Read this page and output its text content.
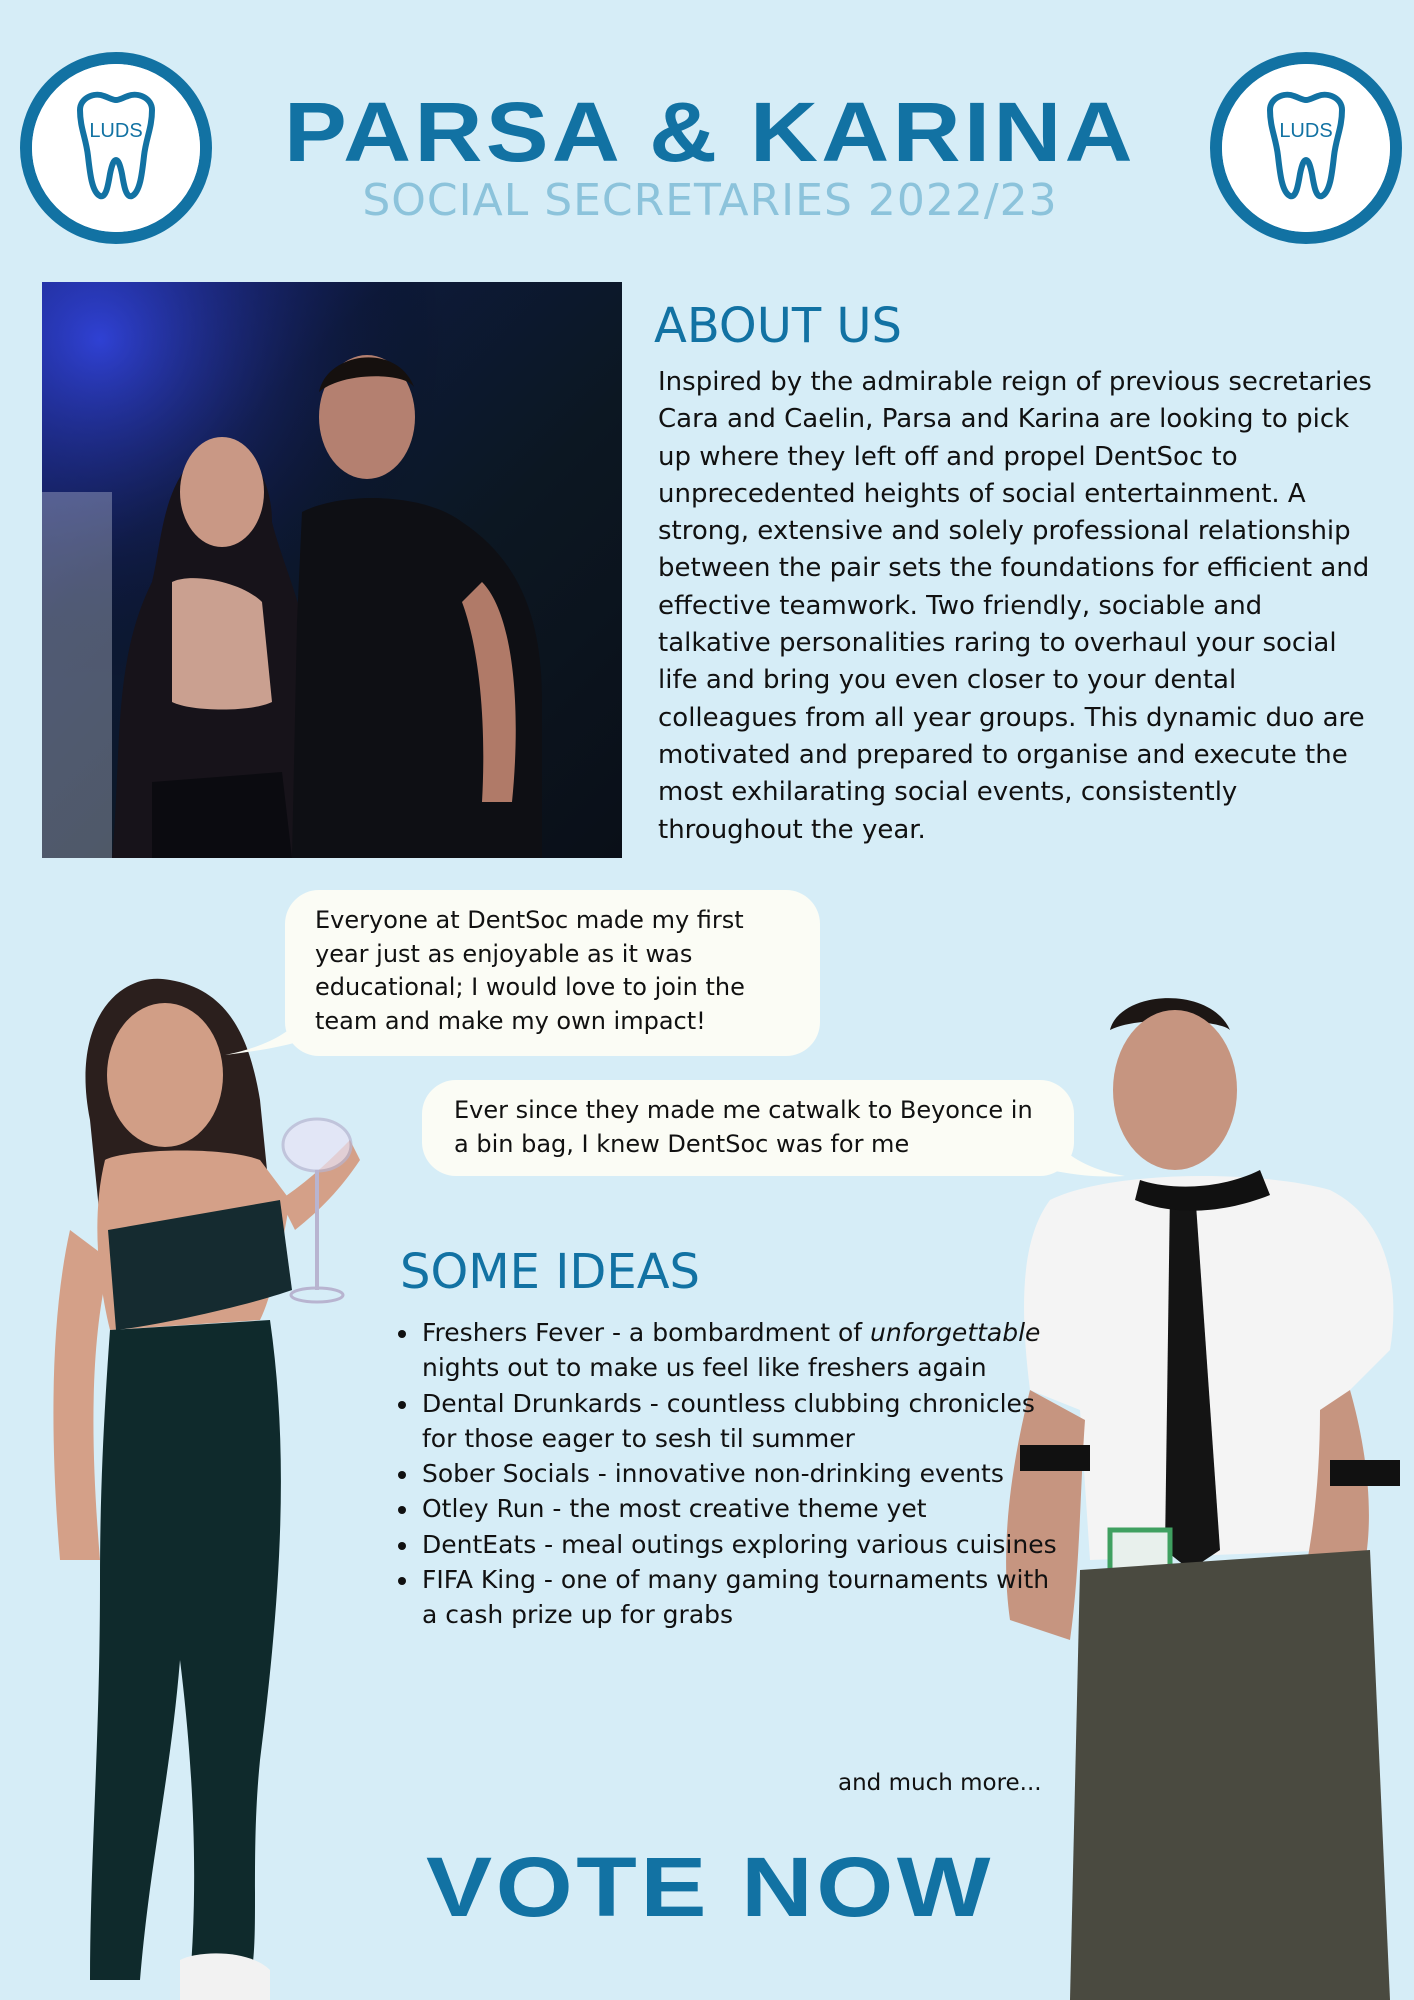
LUDS	LUDS
PARSA & KARINA
SOCIAL SECRETARIES 2022/23
ABOUT US
Inspired by the admirable reign of previous secretaries Cara and Caelin, Parsa and Karina are looking to pick up where they left off and propel DentSoc to unprecedented heights of social entertainment. A strong, extensive and solely professional relationship between the pair sets the foundations for efficient and effective teamwork. Two friendly, sociable and talkative personalities raring to overhaul your social life and bring you even closer to your dental colleagues from all year groups. This dynamic duo are motivated and prepared to organise and execute the most exhilarating social events, consistently throughout the year.
Everyone at DentSoc made my first year just as enjoyable as it was educational; I would love to join the team and make my own impact!
Ever since they made me catwalk to Beyonce in a bin bag, I knew DentSoc was for me
SOME IDEAS
• Freshers Fever - a bombardment of unforgettable nights out to make us feel like freshers again
• Dental Drunkards - countless clubbing chronicles for those eager to sesh til summer
• Sober Socials - innovative non-drinking events
• Otley Run - the most creative theme yet
• DentEats - meal outings exploring various cuisines
• FIFA King - one of many gaming tournaments with a cash prize up for grabs
and much more...
VOTE NOW
